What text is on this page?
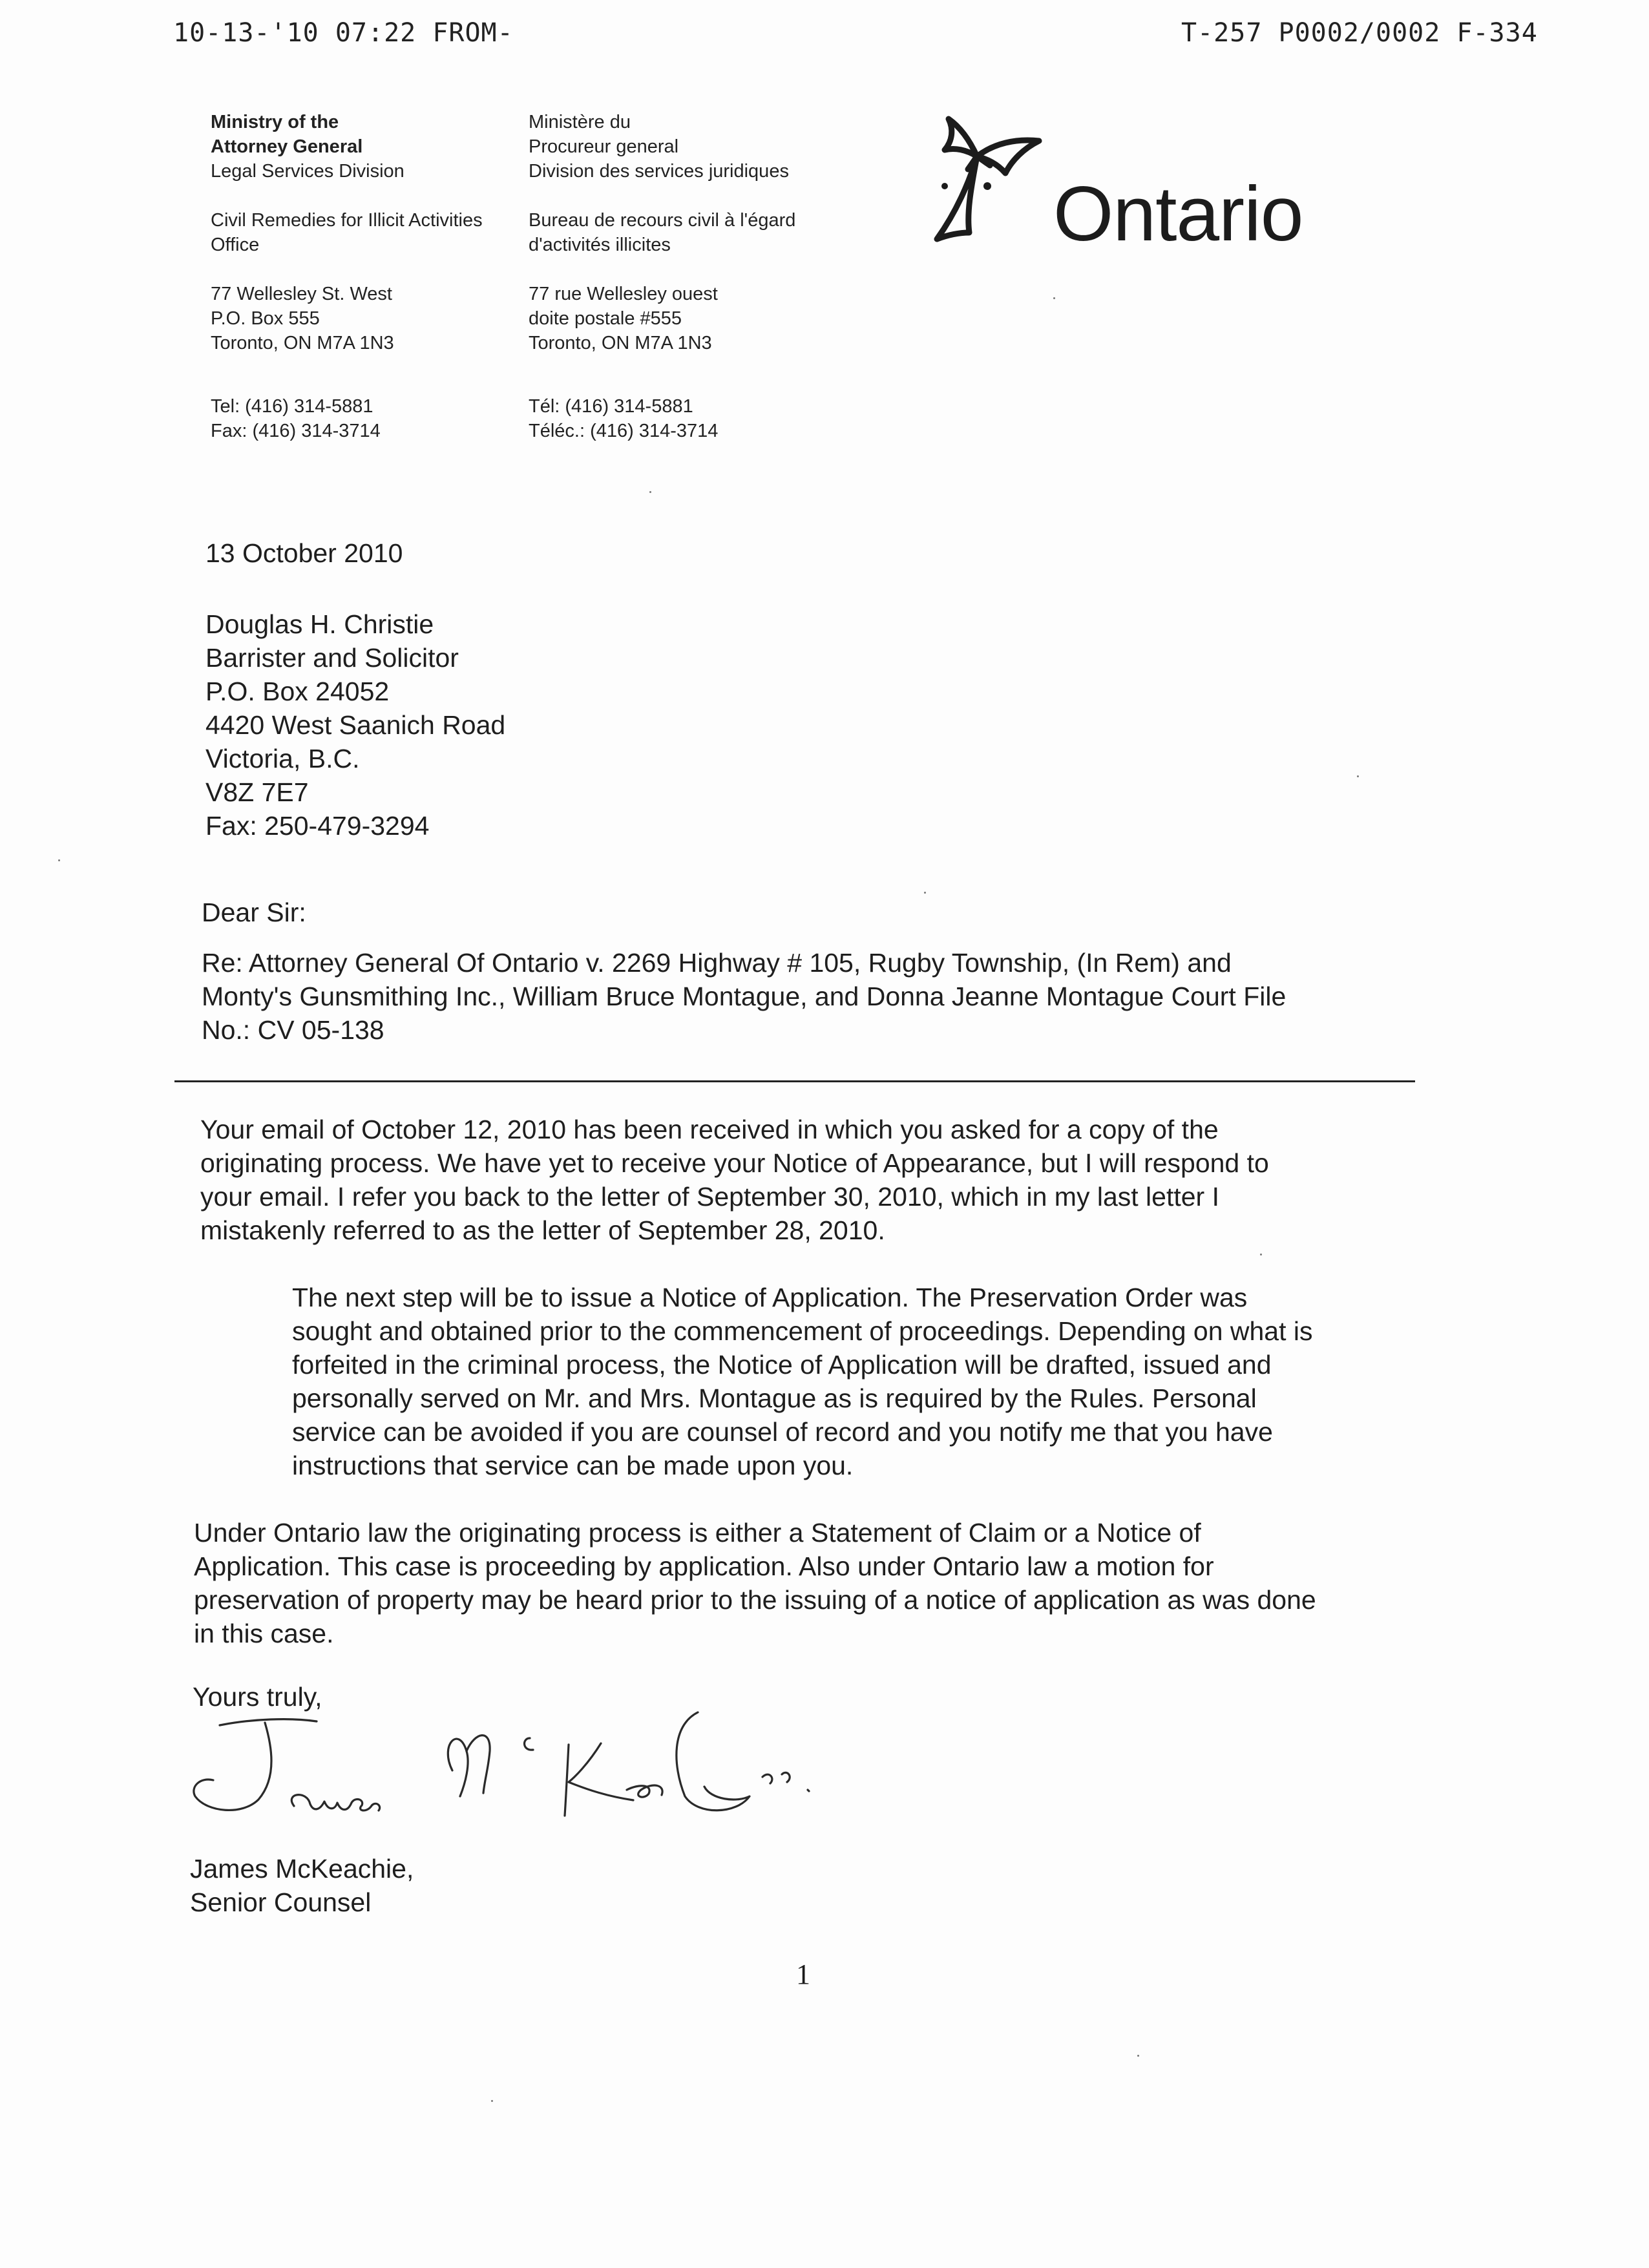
10-13-'10 07:22 FROM-	T-257 P0002/0002 F-334
Ministry of the
Attorney General
Legal Services Division
Civil Remedies for Illicit Activities
Office
77 Wellesley St. West
P.O. Box 555
Toronto, ON M7A 1N3
Tel: (416) 314-5881
Fax: (416) 314-3714
Ministère du
Procureur general
Division des services juridiques
Bureau de recours civil à l'égard
d'activités illicites
77 rue Wellesley ouest
doite postale #555
Toronto, ON M7A 1N3
Tél: (416) 314-5881
Téléc.: (416) 314-3714
Ontario
13 October 2010
Douglas H. Christie
Barrister and Solicitor
P.O. Box 24052
4420 West Saanich Road
Victoria, B.C.
V8Z 7E7
Fax: 250-479-3294
Dear Sir:
Re: Attorney General Of Ontario v. 2269 Highway # 105, Rugby Township, (In Rem) and
Monty's Gunsmithing Inc., William Bruce Montague, and Donna Jeanne Montague Court File
No.: CV 05-138
Your email of October 12, 2010 has been received in which you asked for a copy of the
originating process. We have yet to receive your Notice of Appearance, but I will respond to
your email. I refer you back to the letter of September 30, 2010, which in my last letter I
mistakenly referred to as the letter of September 28, 2010.
The next step will be to issue a Notice of Application. The Preservation Order was
sought and obtained prior to the commencement of proceedings. Depending on what is
forfeited in the criminal process, the Notice of Application will be drafted, issued and
personally served on Mr. and Mrs. Montague as is required by the Rules. Personal
service can be avoided if you are counsel of record and you notify me that you have
instructions that service can be made upon you.
Under Ontario law the originating process is either a Statement of Claim or a Notice of
Application. This case is proceeding by application. Also under Ontario law a motion for
preservation of property may be heard prior to the issuing of a notice of application as was done
in this case.
Yours truly,
James McKeachie,
Senior Counsel
1
